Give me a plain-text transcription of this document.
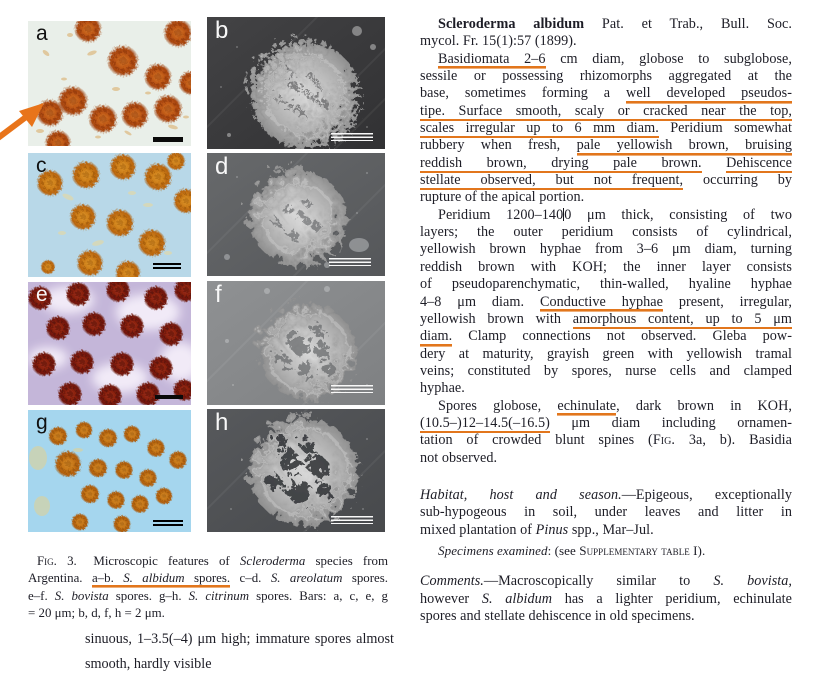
a	b
c	d
e	f
g	h
Fig. 3.  Microscopic features of Scleroderma species from
Argentina. a–b. S. albidum spores. c–d. S. areolatum spores.
e–f. S. bovista spores. g–h. S. citrinum spores. Bars: a, c, e, g
= 20 μm; b, d, f, h = 2 μm.
sinuous, 1–3.5(–4) μm high; immature spores almost
smooth, hardly visible
Scleroderma albidum Pat. et Trab., Bull. Soc.
mycol. Fr. 15(1):57 (1899).
Basidiomata 2–6 cm diam, globose to subglobose,
sessile or possessing rhizomorphs aggregated at the
base, sometimes forming a well developed pseudos-
tipe. Surface smooth, scaly or cracked near the top,
scales irregular up to 6 mm diam. Peridium somewhat
rubbery when fresh, pale yellowish brown, bruising
reddish brown, drying pale brown. Dehiscence
stellate observed, but not frequent, occurring by
rupture of the apical portion.
Peridium 1200–1400 μm thick, consisting of two
layers; the outer peridium consists of cylindrical,
yellowish brown hyphae from 3–6 μm diam, turning
reddish brown with KOH; the inner layer consists
of pseudoparenchymatic, thin-walled, hyaline hyphae
4–8 μm diam. Conductive hyphae present, irregular,
yellowish brown with amorphous content, up to 5 μm
diam. Clamp connections not observed. Gleba pow-
dery at maturity, grayish green with yellowish tramal
veins; constituted by spores, nurse cells and clamped
hyphae.
Spores globose, echinulate, dark brown in KOH,
(10.5–)12–14.5(–16.5) μm diam including ornamen-
tation of crowded blunt spines (Fig. 3a, b). Basidia
not observed.
Habitat, host and season.—Epigeous, exceptionally
sub-hypogeous in soil, under leaves and litter in
mixed plantation of Pinus spp., Mar–Jul.
Specimens examined: (see Supplementary table I).
Comments.—Macroscopically similar to S. bovista,
however S. albidum has a lighter peridium, echinulate
spores and stellate dehiscence in old specimens.
